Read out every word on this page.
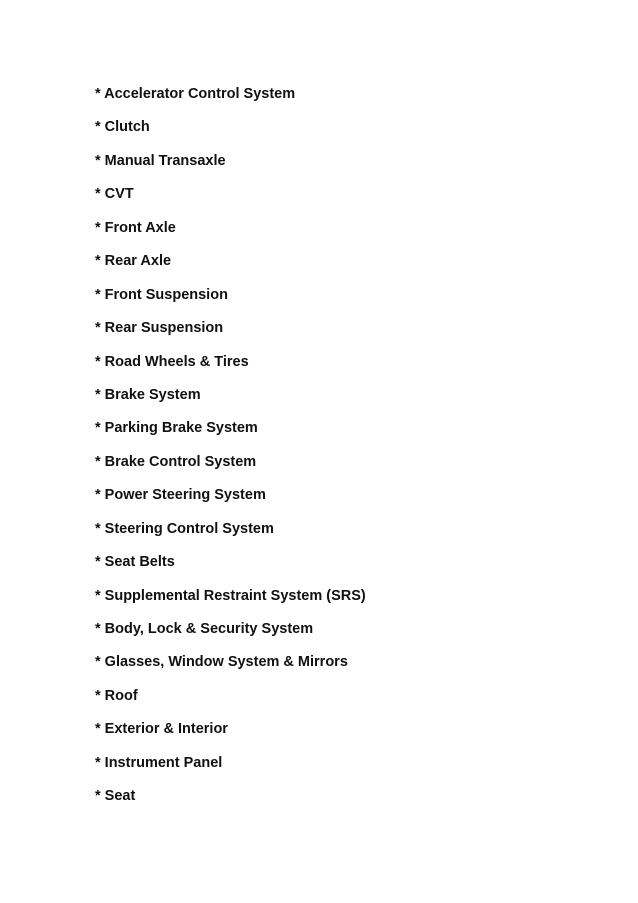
* Accelerator Control System
* Clutch
* Manual Transaxle
* CVT
* Front Axle
* Rear Axle
* Front Suspension
* Rear Suspension
* Road Wheels & Tires
* Brake System
* Parking Brake System
* Brake Control System
* Power Steering System
* Steering Control System
* Seat Belts
* Supplemental Restraint System (SRS)
* Body, Lock & Security System
* Glasses, Window System & Mirrors
* Roof
* Exterior & Interior
* Instrument Panel
* Seat
